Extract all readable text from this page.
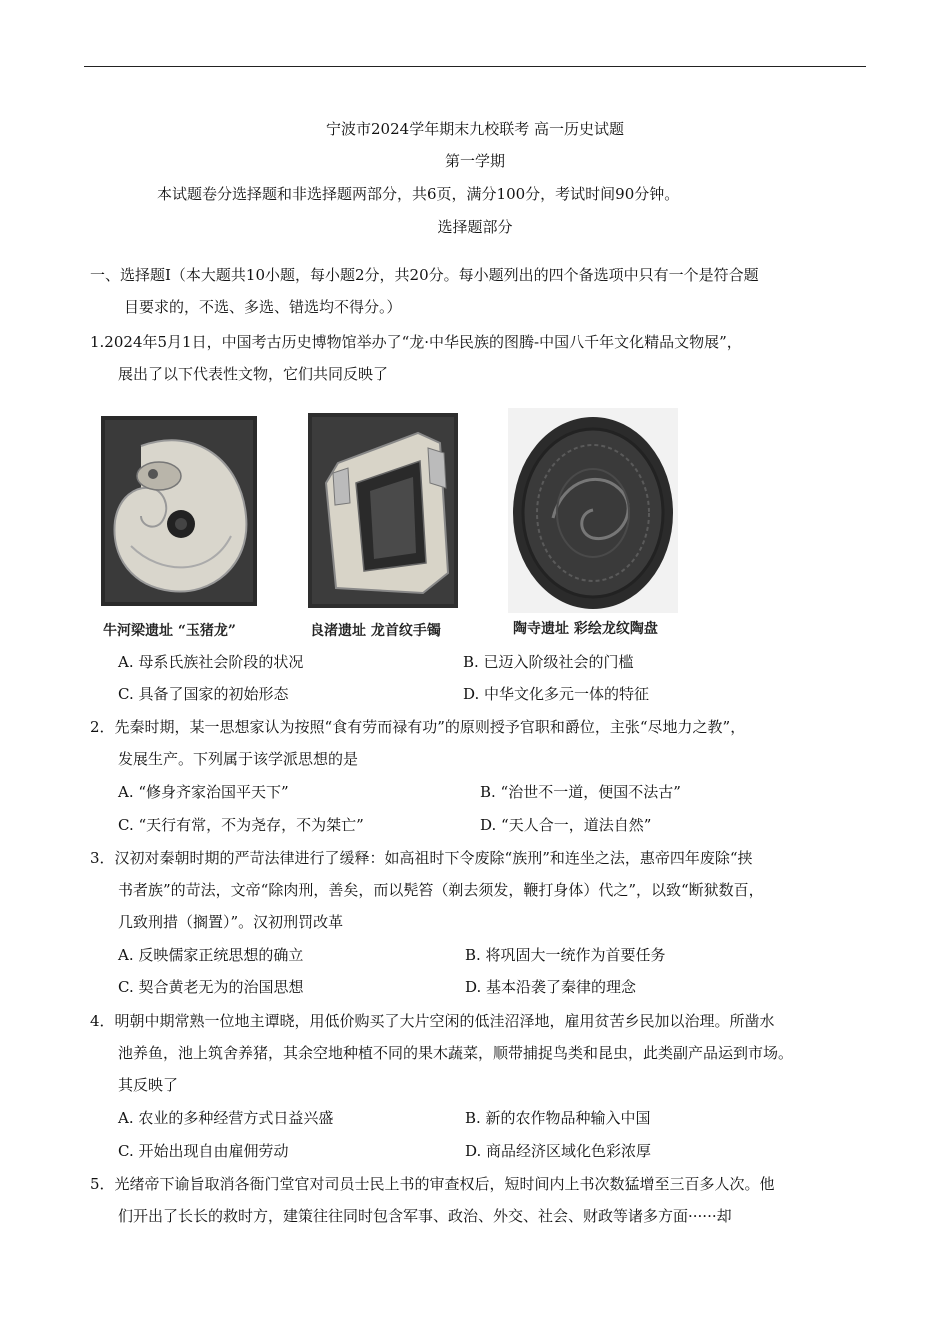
宁波市2024学年期末九校联考 高一历史试题
第一学期
本试题卷分选择题和非选择题两部分，共6页，满分100分，考试时间90分钟。
选择题部分
一、选择题Ⅰ（本大题共10小题，每小题2分，共20分。每小题列出的四个备选项中只有一个是符合题
目要求的，不选、多选、错选均不得分。）
1.2024年5月1日，中国考古历史博物馆举办了“龙·中华民族的图腾-中国八千年文化精品文物展”，
展出了以下代表性文物，它们共同反映了
牛河梁遗址 “玉猪龙”	良渚遗址 龙首纹手镯	陶寺遗址 彩绘龙纹陶盘
A. 母系氏族社会阶段的状况	B. 已迈入阶级社会的门槛
C. 具备了国家的初始形态	D. 中华文化多元一体的特征
2．先秦时期，某一思想家认为按照“食有劳而禄有功”的原则授予官职和爵位，主张“尽地力之教”，
发展生产。下列属于该学派思想的是
A. “修身齐家治国平天下”	B. “治世不一道，便国不法古”
C. “天行有常，不为尧存，不为桀亡”	D. “天人合一，道法自然”
3．汉初对秦朝时期的严苛法律进行了缓释：如高祖时下令废除“族刑”和连坐之法，惠帝四年废除“挟
书者族”的苛法，文帝“除肉刑，善矣，而以髡笞（剃去须发，鞭打身体）代之”，以致“断狱数百，
几致刑措（搁置）”。汉初刑罚改革
A. 反映儒家正统思想的确立	B. 将巩固大一统作为首要任务
C. 契合黄老无为的治国思想	D. 基本沿袭了秦律的理念
4．明朝中期常熟一位地主谭晓，用低价购买了大片空闲的低洼沼泽地，雇用贫苦乡民加以治理。所凿水
池养鱼，池上筑舍养猪，其余空地种植不同的果木蔬菜，顺带捕捉鸟类和昆虫，此类副产品运到市场。
其反映了
A. 农业的多种经营方式日益兴盛	B. 新的农作物品种输入中国
C. 开始出现自由雇佣劳动	D. 商品经济区域化色彩浓厚
5．光绪帝下谕旨取消各衙门堂官对司员士民上书的审查权后，短时间内上书次数猛增至三百多人次。他
们开出了长长的救时方，建策往往同时包含军事、政治、外交、社会、财政等诸多方面······却
